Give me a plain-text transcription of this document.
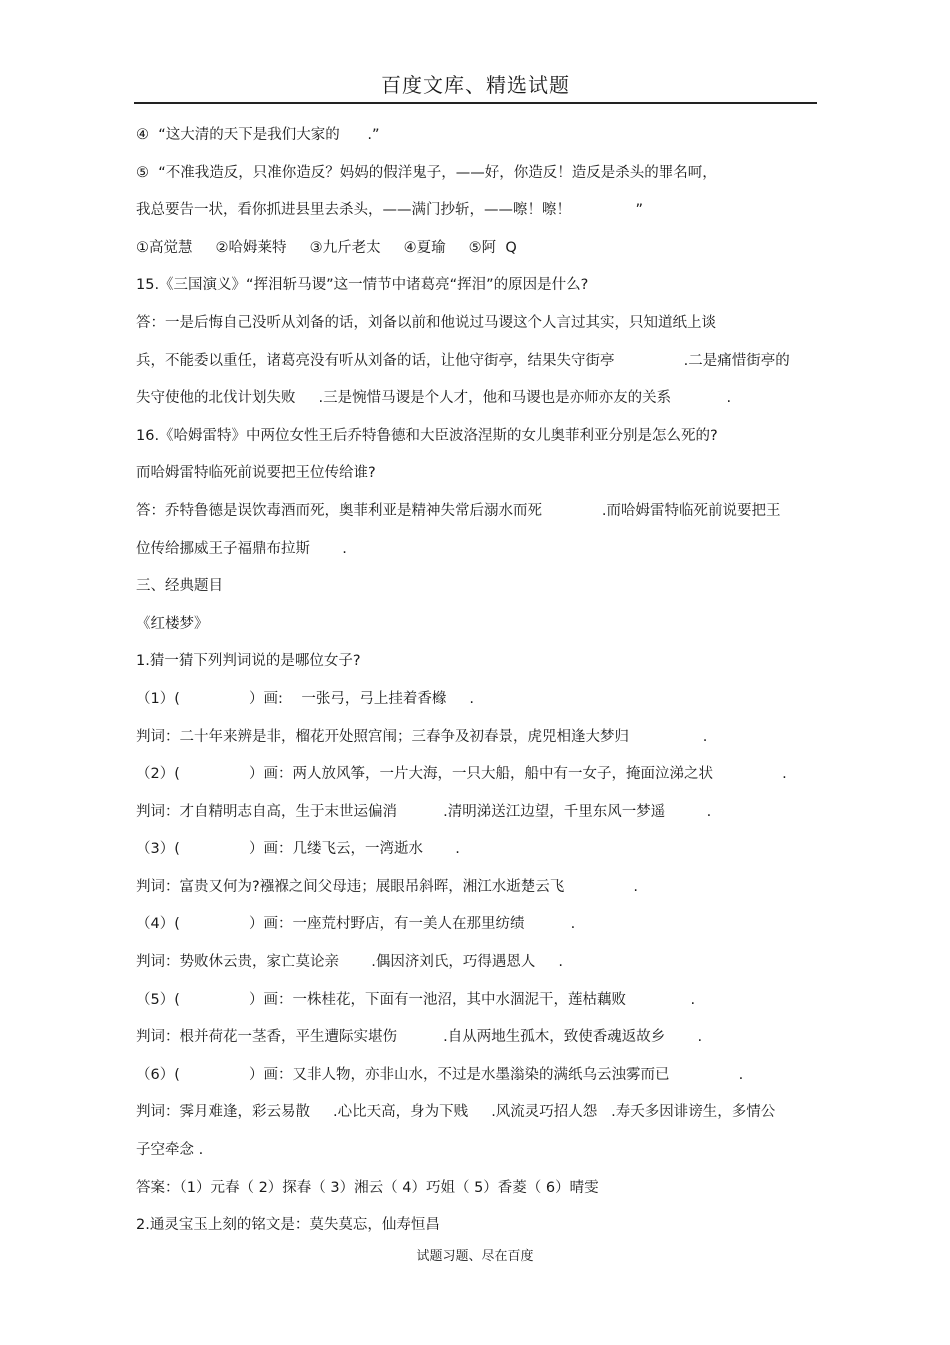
百度文库、精选试题
④  “这大清的天下是我们大家的      .”
⑤  “不准我造反，只准你造反？妈妈的假洋鬼子，——好，你造反！造反是杀头的罪名呵，
我总要告一状，看你抓进县里去杀头，——满门抄斩，——嚓！嚓！              ”
①高觉慧     ②哈姆莱特     ③九斤老太     ④夏瑜     ⑤阿  Q
15.《三国演义》“挥泪斩马谡”这一情节中诸葛亮“挥泪”的原因是什么?
答：一是后悔自己没听从刘备的话，刘备以前和他说过马谡这个人言过其实，只知道纸上谈
兵，不能委以重任，诸葛亮没有听从刘备的话，让他守街亭，结果失守街亭               .二是痛惜街亭的
失守使他的北伐计划失败     .三是惋惜马谡是个人才，他和马谡也是亦师亦友的关系            .
16.《哈姆雷特》中两位女性王后乔特鲁德和大臣波洛涅斯的女儿奥菲利亚分别是怎么死的?
而哈姆雷特临死前说要把王位传给谁?
答：乔特鲁德是误饮毒酒而死，奥菲利亚是精神失常后溺水而死             .而哈姆雷特临死前说要把王
位传给挪威王子福鼎布拉斯       .
三、经典题目
《红楼梦》
1.猜一猜下列判词说的是哪位女子?
（1）(               ）画:    一张弓，弓上挂着香橼     .
判词：二十年来辨是非，榴花开处照宫闱；三春争及初春景，虎兕相逢大梦归                .
（2）(               ）画：两人放风筝，一片大海，一只大船，船中有一女子，掩面泣涕之状               .
判词：才自精明志自高，生于末世运偏消          .清明涕送江边望，千里东风一梦遥         .
（3）(               ）画：几缕飞云，一湾逝水       .
判词：富贵又何为?襁褓之间父母违；展眼吊斜晖，湘江水逝楚云飞               .
（4）(               ）画：一座荒村野店，有一美人在那里纺绩          .
判词：势败休云贵，家亡莫论亲       .偶因济刘氏，巧得遇恩人     .
（5）(               ）画：一株桂花，下面有一池沼，其中水涸泥干，莲枯藕败              .
判词：根并荷花一茎香，平生遭际实堪伤          .自从两地生孤木，致使香魂返故乡       .
（6）(               ）画：又非人物，亦非山水，不过是水墨滃染的满纸乌云浊雾而已               .
判词：霁月难逢，彩云易散     .心比天高，身为下贱     .风流灵巧招人怨   .寿夭多因诽谤生，多情公
子空牵念 .
答案：（1）元春（ 2）探春（ 3）湘云（ 4）巧姐（ 5）香菱（ 6）晴雯
2.通灵宝玉上刻的铭文是：莫失莫忘，仙寿恒昌
试题习题、尽在百度
